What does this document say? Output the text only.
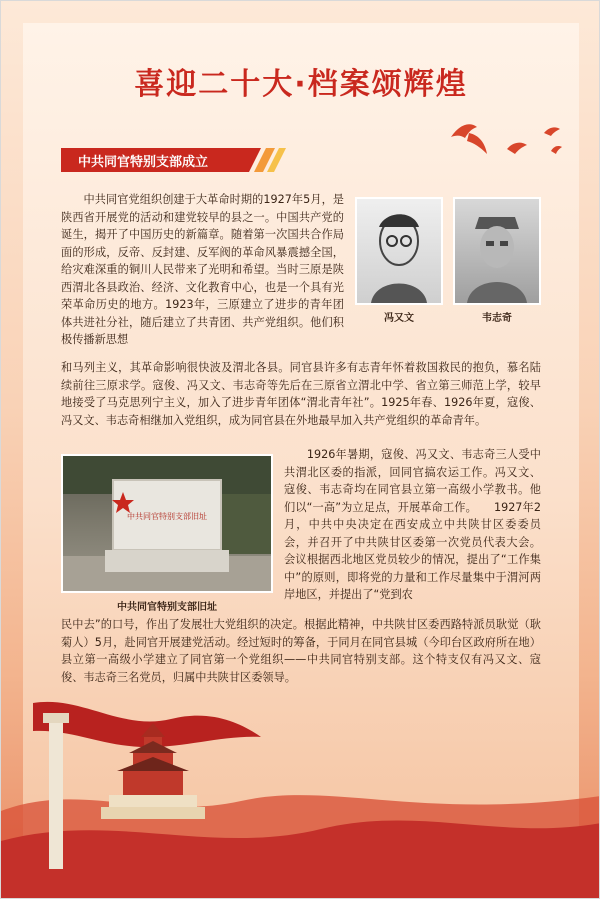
喜迎二十大·档案颂辉煌
中共同官特别支部成立
　　中共同官党组织创建于大革命时期的1927年5月，是陕西省开展党的活动和建党较早的县之一。中国共产党的诞生，揭开了中国历史的新篇章。随着第一次国共合作局面的形成，反帝、反封建、反军阀的革命风暴震撼全国，给灾难深重的铜川人民带来了光明和希望。当时三原是陕西渭北各县政治、经济、文化教育中心，也是一个具有光荣革命历史的地方。1923年，三原建立了进步的青年团体共进社分社，随后建立了共青团、共产党组织。他们积极传播新思想
冯又文	韦志奇
和马列主义，其革命影响很快波及渭北各县。同官县许多有志青年怀着救国救民的抱负，慕名陆续前往三原求学。寇俊、冯又文、韦志奇等先后在三原省立渭北中学、省立第三师范上学，较早地接受了马克思列宁主义，加入了进步青年团体“渭北青年社”。1925年春、1926年夏，寇俊、冯又文、韦志奇相继加入党组织，成为同官县在外地最早加入共产党组织的革命青年。
中共同官特别支部旧址
中共同官特别支部旧址
　　1926年暑期，寇俊、冯又文、韦志奇三人受中共渭北区委的指派，回同官搞农运工作。冯又文、寇俊、韦志奇均在同官县立第一高级小学教书。他们以“一高”为立足点，开展革命工作。　　1927年2月，中共中央决定在西安成立中共陕甘区委委员会，并召开了中共陕甘区委第一次党员代表大会。会议根据西北地区党员较少的情况，提出了“工作集中”的原则，即将党的力量和工作尽量集中于渭河两岸地区，并提出了“党到农
民中去”的口号，作出了发展壮大党组织的决定。根据此精神，中共陕甘区委西路特派员耿觉（耿菊人）5月，赴同官开展建党活动。经过短时的筹备，于同月在同官县城（今印台区政府所在地）县立第一高级小学建立了同官第一个党组织——中共同官特别支部。这个特支仅有冯又文、寇俊、韦志奇三名党员，归属中共陕甘区委领导。
